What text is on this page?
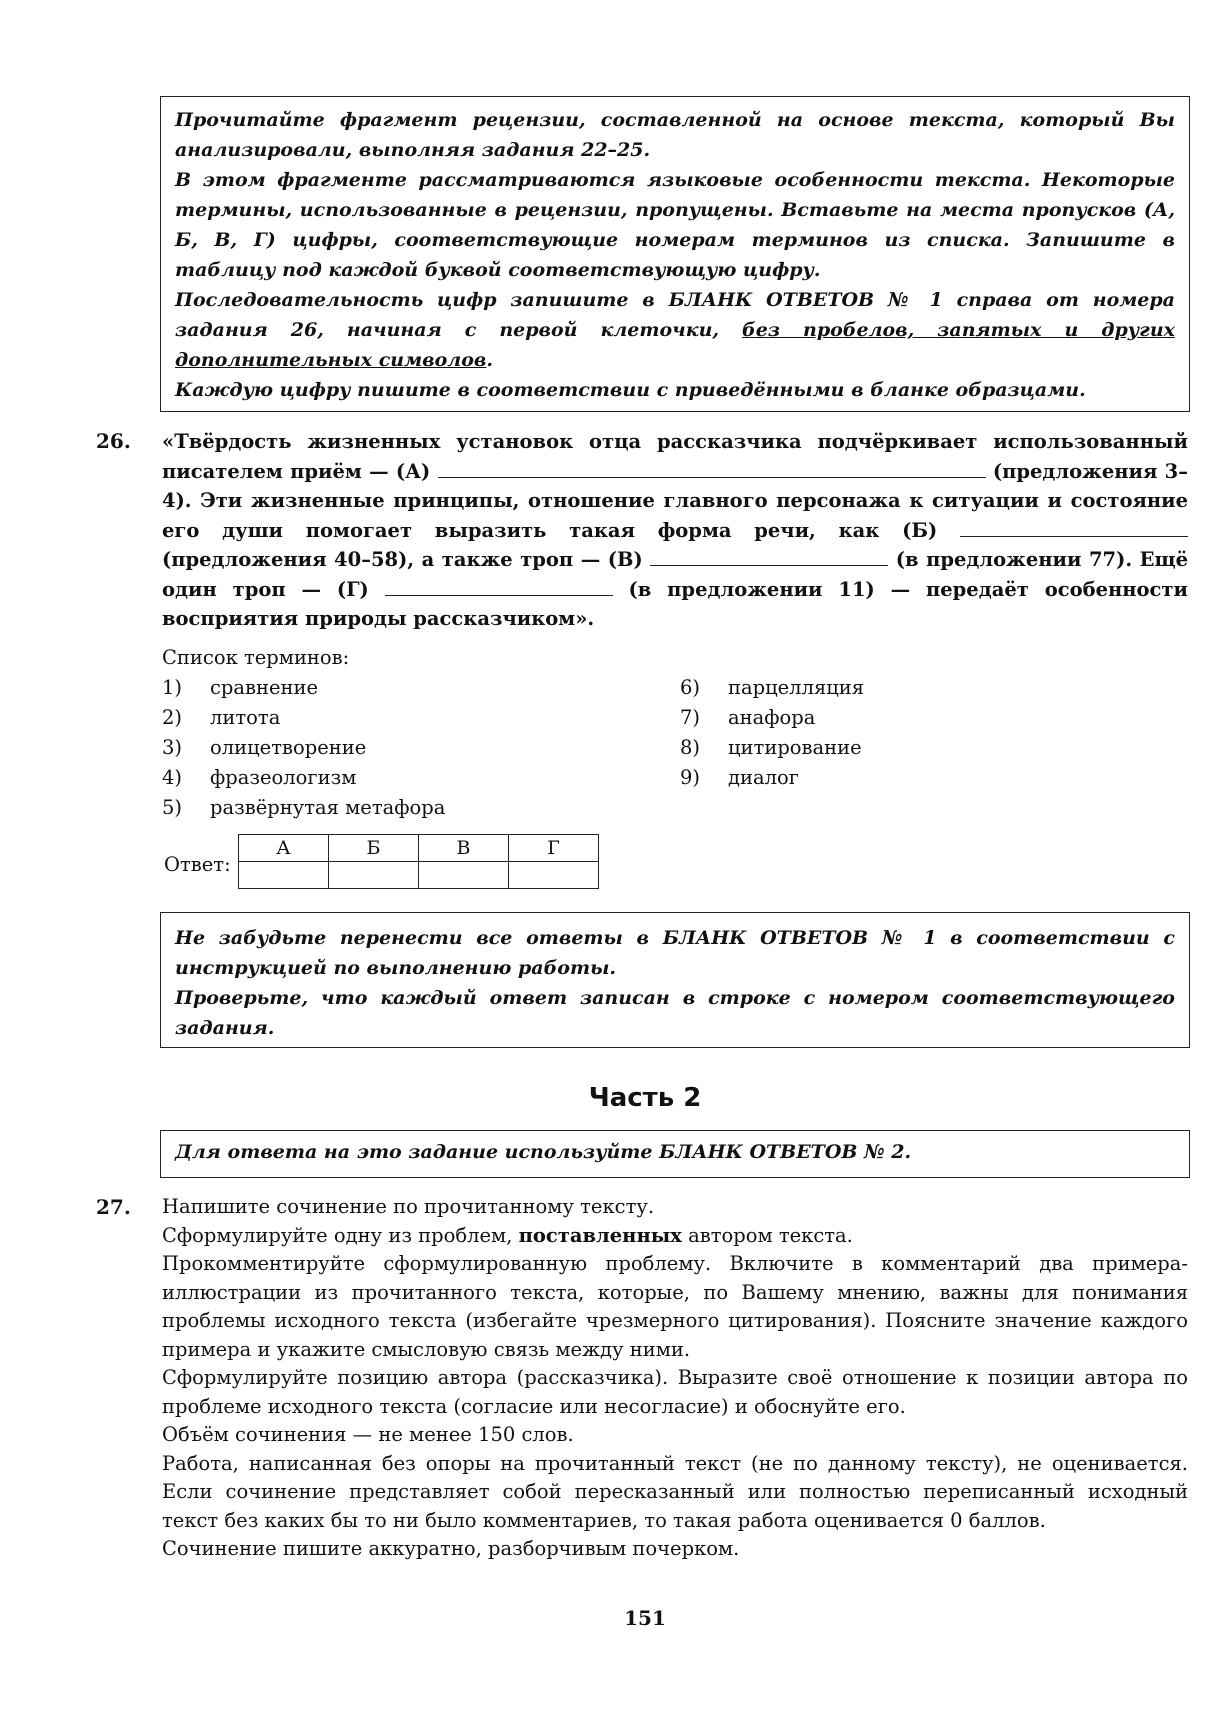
Прочитайте фрагмент рецензии, составленной на основе текста, который Вы анализировали, выполняя задания 22–25.

В этом фрагменте рассматриваются языковые особенности текста. Некоторые термины, использованные в рецензии, пропущены. Вставьте на места пропусков (А, Б, В, Г) цифры, соответствующие номерам терминов из списка. Запишите в таблицу под каждой буквой соответствующую цифру.

Последовательность цифр запишите в БЛАНК ОТВЕТОВ № 1 справа от номера задания 26, начиная с первой клеточки, без пробелов, запятых и других дополнительных символов.

Каждую цифру пишите в соответствии с приведёнными в бланке образцами.

26. «Твёрдость жизненных установок отца рассказчика подчёркивает использованный писателем приём — (А)	(предложения 3–4). Эти жизненные принципы, отношение главного персонажа к ситуации и состояние его души помогает выразить такая форма речи, как (Б)  (предложения 40–58), а также троп — (В)	(в предложении 77). Ещё один троп — (Г)	(в предложении 11) — передаёт особенности восприятия природы рассказчиком».
Список терминов:
1) сравнение
2) литота
3) олицетворение
4) фразеологизм
5) развёрнутая метафора
6) парцелляция
7) анафора
8) цитирование
9) диалог
Ответ:
А	Б	В	Г

Не забудьте перенести все ответы в БЛАНК ОТВЕТОВ № 1 в соответствии с инструкцией по выполнению работы.

Проверьте, что каждый ответ записан в строке с номером соответствующего задания.

Часть 2

Для ответа на это задание используйте БЛАНК ОТВЕТОВ № 2.

27. Напишите сочинение по прочитанному тексту.

Сформулируйте одну из проблем, поставленных автором текста.

Прокомментируйте сформулированную проблему. Включите в комментарий два примера-иллюстрации из прочитанного текста, которые, по Вашему мнению, важны для понимания проблемы исходного текста (избегайте чрезмерного цитирования). Поясните значение каждого примера и укажите смысловую связь между ними.

Сформулируйте позицию автора (рассказчика). Выразите своё отношение к позиции автора по проблеме исходного текста (согласие или несогласие) и обоснуйте его.

Объём сочинения — не менее 150 слов.

Работа, написанная без опоры на прочитанный текст (не по данному тексту), не оценивается. Если сочинение представляет собой пересказанный или полностью переписанный исходный текст без каких бы то ни было комментариев, то такая работа оценивается 0 баллов.

Сочинение пишите аккуратно, разборчивым почерком.

151
